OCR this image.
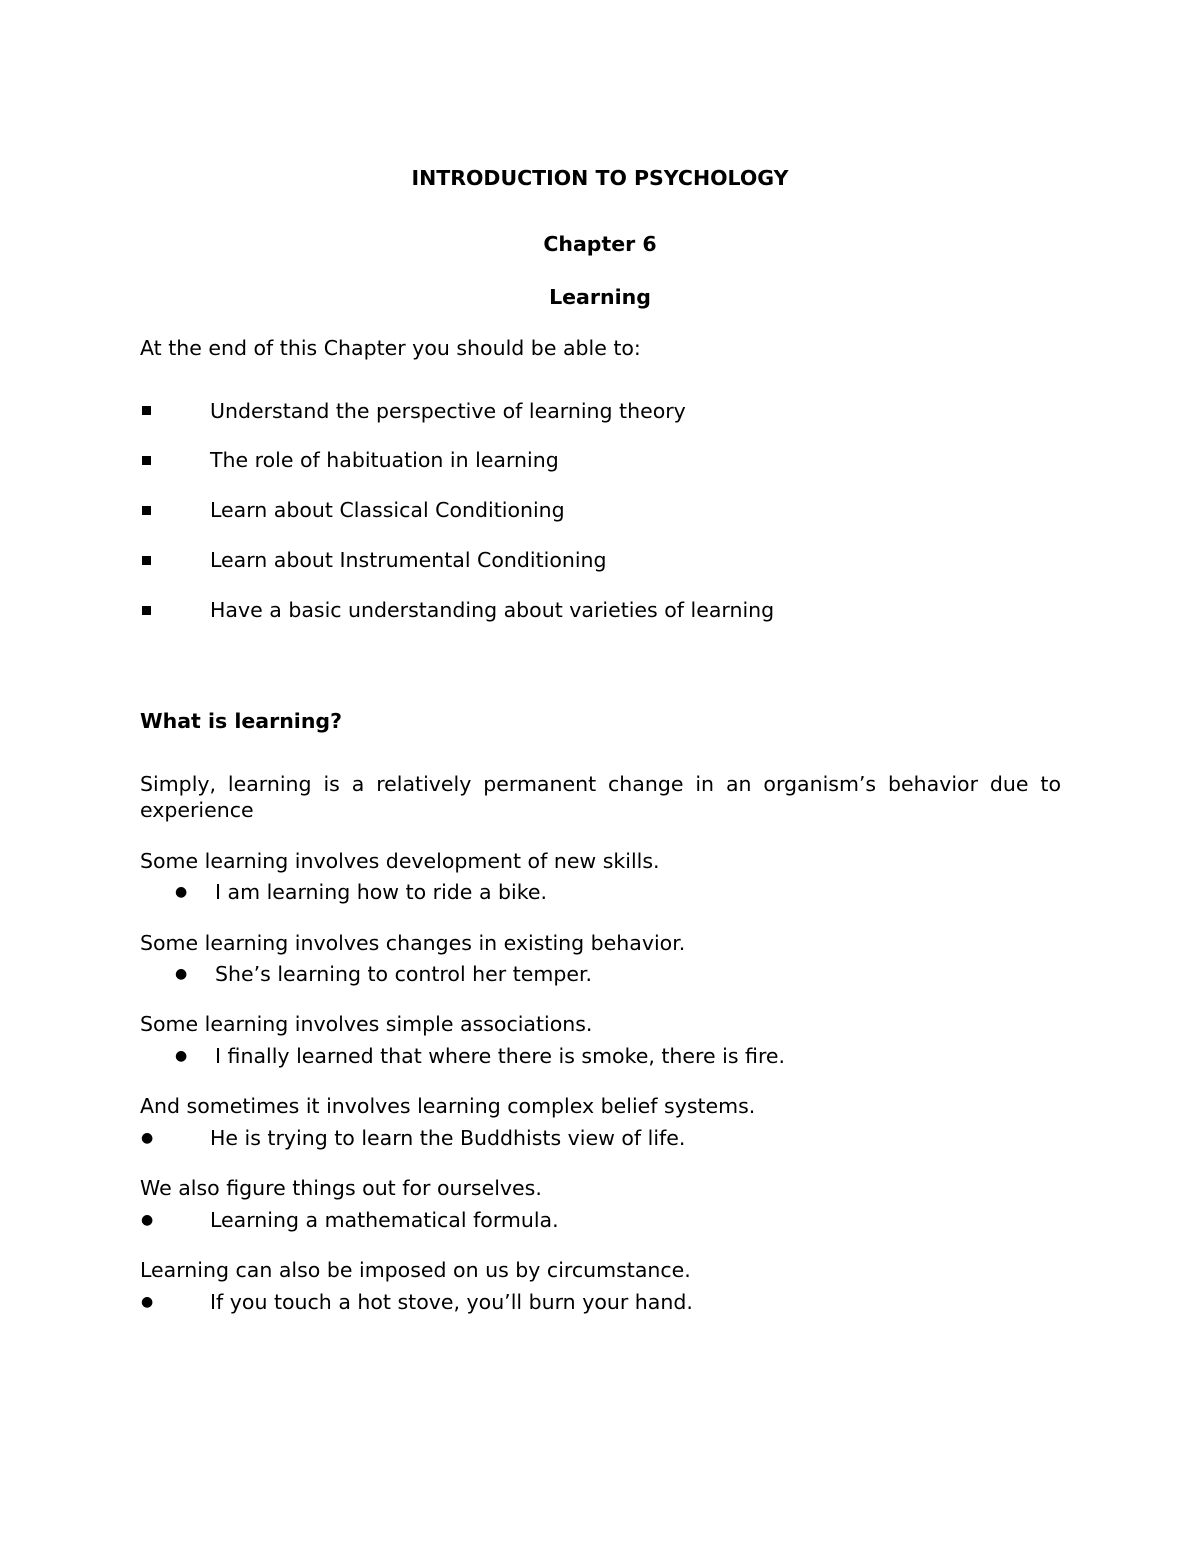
INTRODUCTION TO PSYCHOLOGY
Chapter 6
Learning
At the end of this Chapter you should be able to:
Understand the perspective of learning theory
The role of habituation in learning
Learn about Classical Conditioning
Learn about Instrumental Conditioning
Have a basic understanding about varieties of learning
What is learning?
Simply, learning is a relatively permanent change in an organism’s behavior due to
experience
Some learning involves development of new skills.
● I am learning how to ride a bike.
Some learning involves changes in existing behavior.
● She’s learning to control her temper.
Some learning involves simple associations.
● I finally learned that where there is smoke, there is fire.
And sometimes it involves learning complex belief systems.
●	He is trying to learn the Buddhists view of life.
We also figure things out for ourselves.
●	Learning a mathematical formula.
Learning can also be imposed on us by circumstance.
●	If you touch a hot stove, you’ll burn your hand.
